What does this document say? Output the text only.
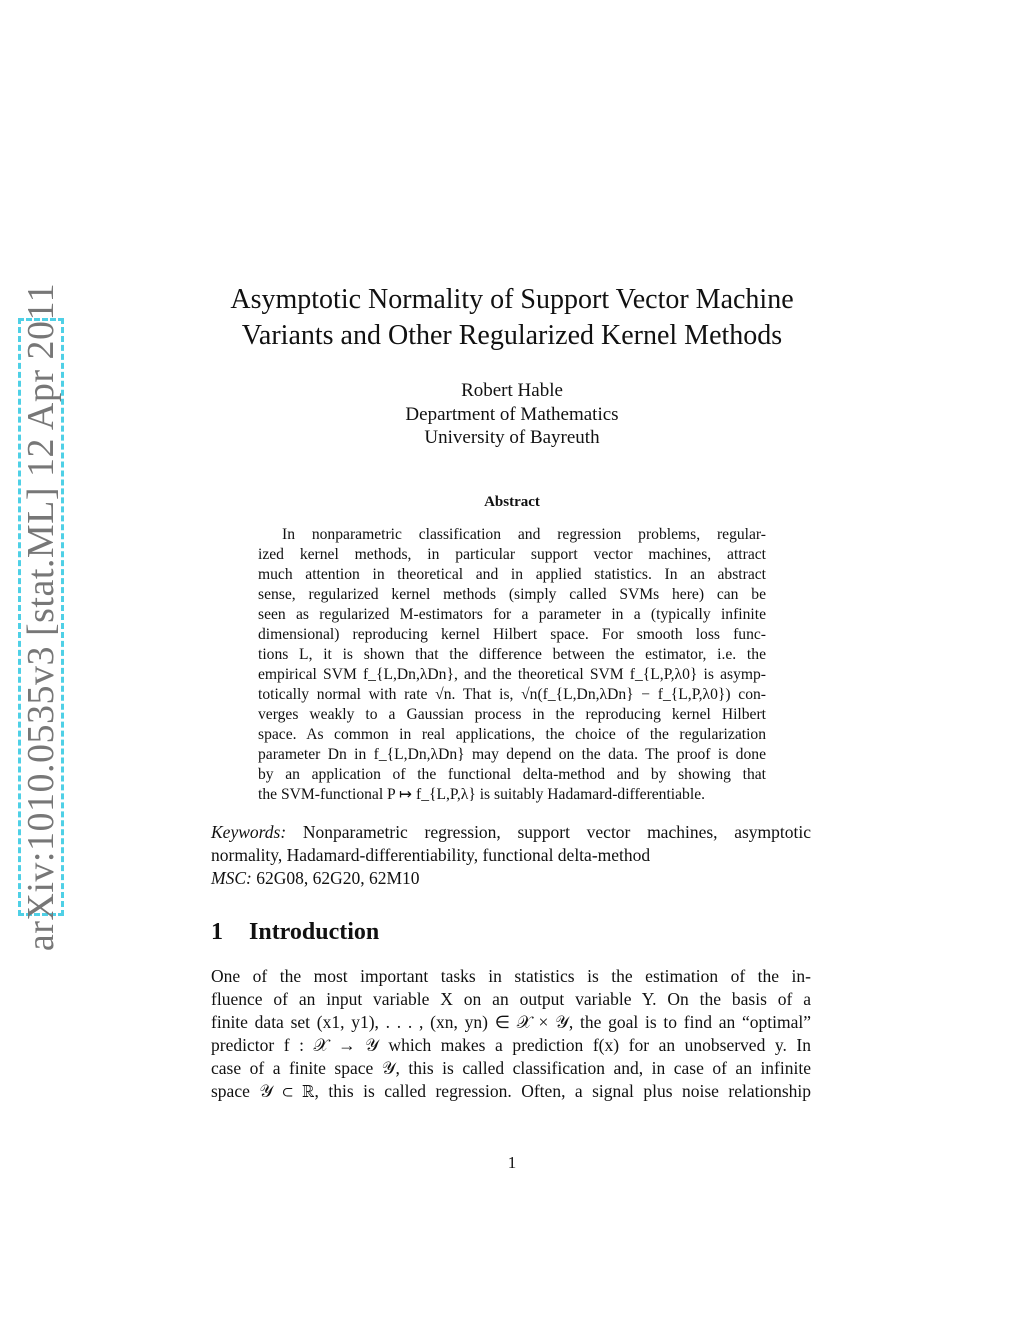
arXiv:1010.0535v3 [stat.ML] 12 Apr 2011	Asymptotic Normality of Support Vector Machine
Variants and Other Regularized Kernel Methods
Robert Hable
Department of Mathematics
University of Bayreuth
Abstract
In nonparametric classification and regression problems, regular-
ized kernel methods, in particular support vector machines, attract
much attention in theoretical and in applied statistics. In an abstract
sense, regularized kernel methods (simply called SVMs here) can be
seen as regularized M-estimators for a parameter in a (typically infinite
dimensional) reproducing kernel Hilbert space. For smooth loss func-
tions L, it is shown that the difference between the estimator, i.e. the
empirical SVM f_{L,Dn,λDn}, and the theoretical SVM f_{L,P,λ0} is asymp-
totically normal with rate √n. That is, √n(f_{L,Dn,λDn} − f_{L,P,λ0}) con-
verges weakly to a Gaussian process in the reproducing kernel Hilbert
space. As common in real applications, the choice of the regularization
parameter Dn in f_{L,Dn,λDn} may depend on the data. The proof is done
by an application of the functional delta-method and by showing that
the SVM-functional P ↦ f_{L,P,λ} is suitably Hadamard-differentiable.
Keywords: Nonparametric regression, support vector machines, asymptotic
normality, Hadamard-differentiability, functional delta-method
MSC: 62G08, 62G20, 62M10
1 Introduction
One of the most important tasks in statistics is the estimation of the in-
fluence of an input variable X on an output variable Y. On the basis of a
finite data set (x1, y1), . . . , (xn, yn) ∈ 𝒳 × 𝒴, the goal is to find an “optimal”
predictor f : 𝒳 → 𝒴 which makes a prediction f(x) for an unobserved y. In
case of a finite space 𝒴, this is called classification and, in case of an infinite
space 𝒴 ⊂ ℝ, this is called regression. Often, a signal plus noise relationship
1
